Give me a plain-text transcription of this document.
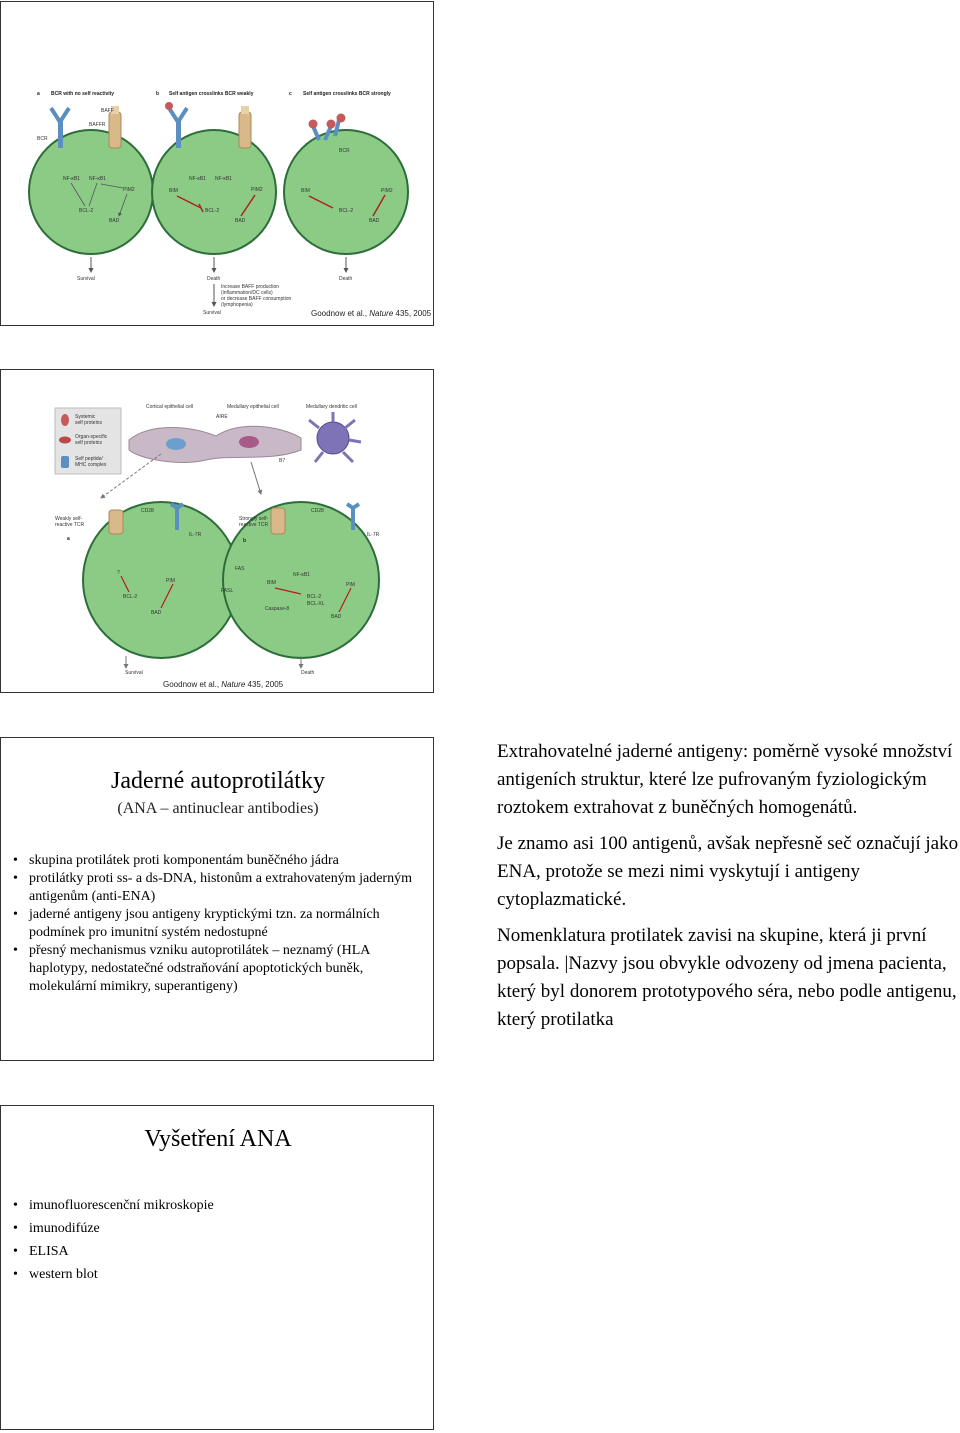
a BCR with no self reactivity	b Self antigen crosslinks BCR weakly	c Self antigen crosslinks BCR strongly
BAFF
BAFFR
BCR
NF-κB1 NF-κB1
PIM2
BCL-2
BAD
BIM
NF-κB1 NF-κB1
PIM2
BCL-2
BAD
BCR
BIM	PIM2
BCL-2
BAD
Survival	Death	Death
Increase BAFF production
(inflammation/DC cells)
or decrease BAFF consumption
(lymphopenia)
Survival	Goodnow et al., Nature 435, 2005
Systemic
self proteins
Organ-specific
self proteins
Self peptide/
MHC complex
Cortical epithelial cell	Medullary epithelial cell	Medullary dendritic cell
AIRE
B7
Weakly self-
reactive TCR
a
Strongly self-
reactive TCR
b
CD28	CD28
IL-7R	IL-7R
?
BCL-2
PIM
BAD
FAS
FASL
BIM
NF-κB1
Caspase-8
BCL-2
BCL-XL
PIM
BAD
Survival	Death
Goodnow et al., Nature 435, 2005
Jaderné autoprotilátky
(ANA – antinuclear antibodies)
• skupina protilátek proti komponentám buněčného jádra
• protilátky proti ss- a ds-DNA, histonům a extrahovateným jaderným antigenům (anti-ENA)
• jaderné antigeny jsou antigeny kryptickými tzn. za normálních podmínek pro imunitní systém nedostupné
• přesný mechanismus vzniku autoprotilátek – neznamý (HLA haplotypy, nedostatečné odstraňování apoptotických buněk, molekulární mimikry, superantigeny)

Extrahovatelné jaderné antigeny: poměrně vysoké množství antigeních struktur, které lze pufrovaným fyziologickým roztokem extrahovat z buněčných homogenátů.

Je znamo asi 100 antigenů, avšak nepřesně seč označují jako ENA, protože se mezi nimi vyskytují i antigeny cytoplazmatické.

Nomenklatura protilatek zavisi na skupine, která ji první popsala. |Nazvy jsou obvykle odvozeny od jmena pacienta, který byl donorem prototypového séra, nebo podle antigenu, který protilatka

Vyšetření ANA
• imunofluorescenční mikroskopie
• imunodifúze
• ELISA
• western blot
